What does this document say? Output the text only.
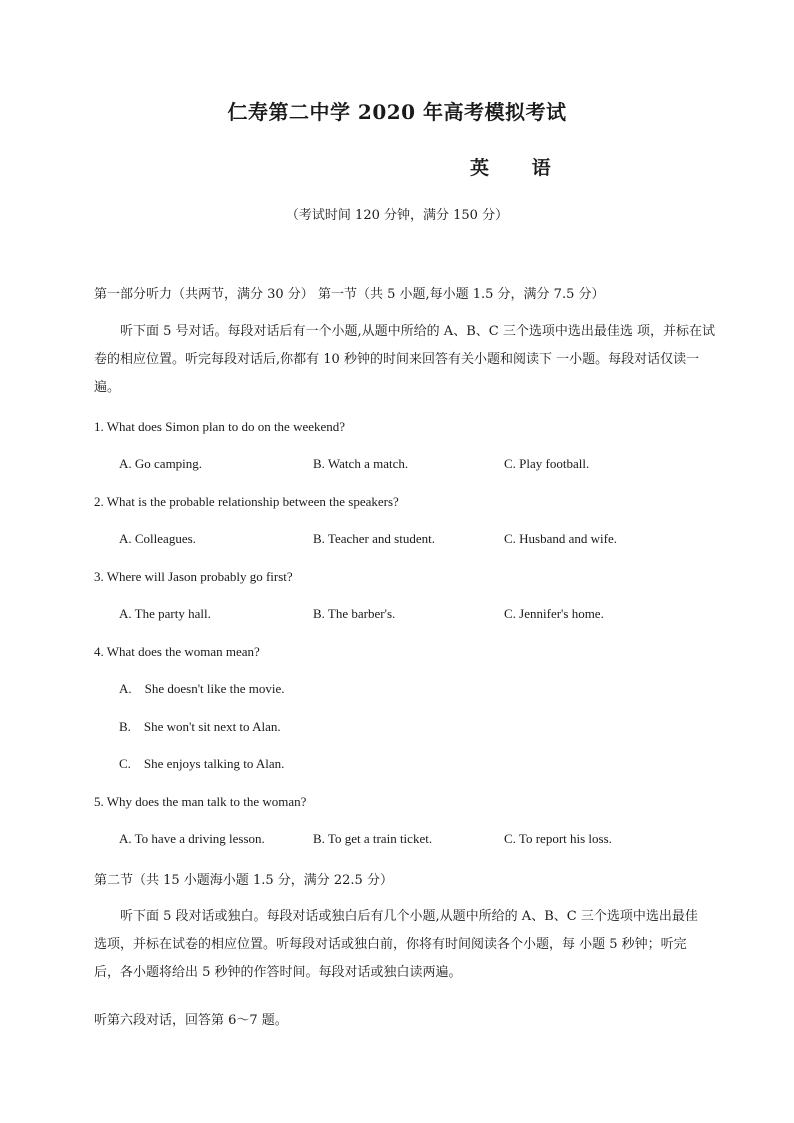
仁寿第二中学 2020 年高考模拟考试
英 语
（考试时间 120 分钟，满分 150 分）
第一部分听力（共两节，满分 30 分） 第一节（共 5 小题,每小题 1.5 分，满分 7.5 分）
听下面 5 号对话。每段对话后有一个小题,从题中所给的 A、B、C 三个选项中选出最佳选 项，并标在试卷的相应位置。听完每段对话后,你都有 10 秒钟的时间来回答有关小题和阅读下 一小题。每段对话仅读一遍。
1. What does Simon plan to do on the weekend?
A. Go camping.	B. Watch a match.	C. Play football.
2. What is the probable relationship between the speakers?
A. Colleagues.	B. Teacher and student.	C. Husband and wife.
3. Where will Jason probably go first?
A. The party hall.	B. The barber's.	C. Jennifer's home.
4. What does the woman mean?
A.    She doesn't like the movie.
B.    She won't sit next to Alan.
C.    She enjoys talking to Alan.
5. Why does the man talk to the woman?
A. To have a driving lesson.	B. To get a train ticket.	C. To report his loss.
第二节（共 15 小题海小题 1.5 分，满分 22.5 分）
听下面 5 段对话或独白。每段对话或独白后有几个小题,从题中所给的 A、B、C 三个选项中选出最佳选项，并标在试卷的相应位置。听每段对话或独白前，你将有时间阅读各个小题，每 小题 5 秒钟；听完后，各小题将给出 5 秒钟的作答时间。每段对话或独白读两遍。
听第六段对话，回答第 6〜7 题。
